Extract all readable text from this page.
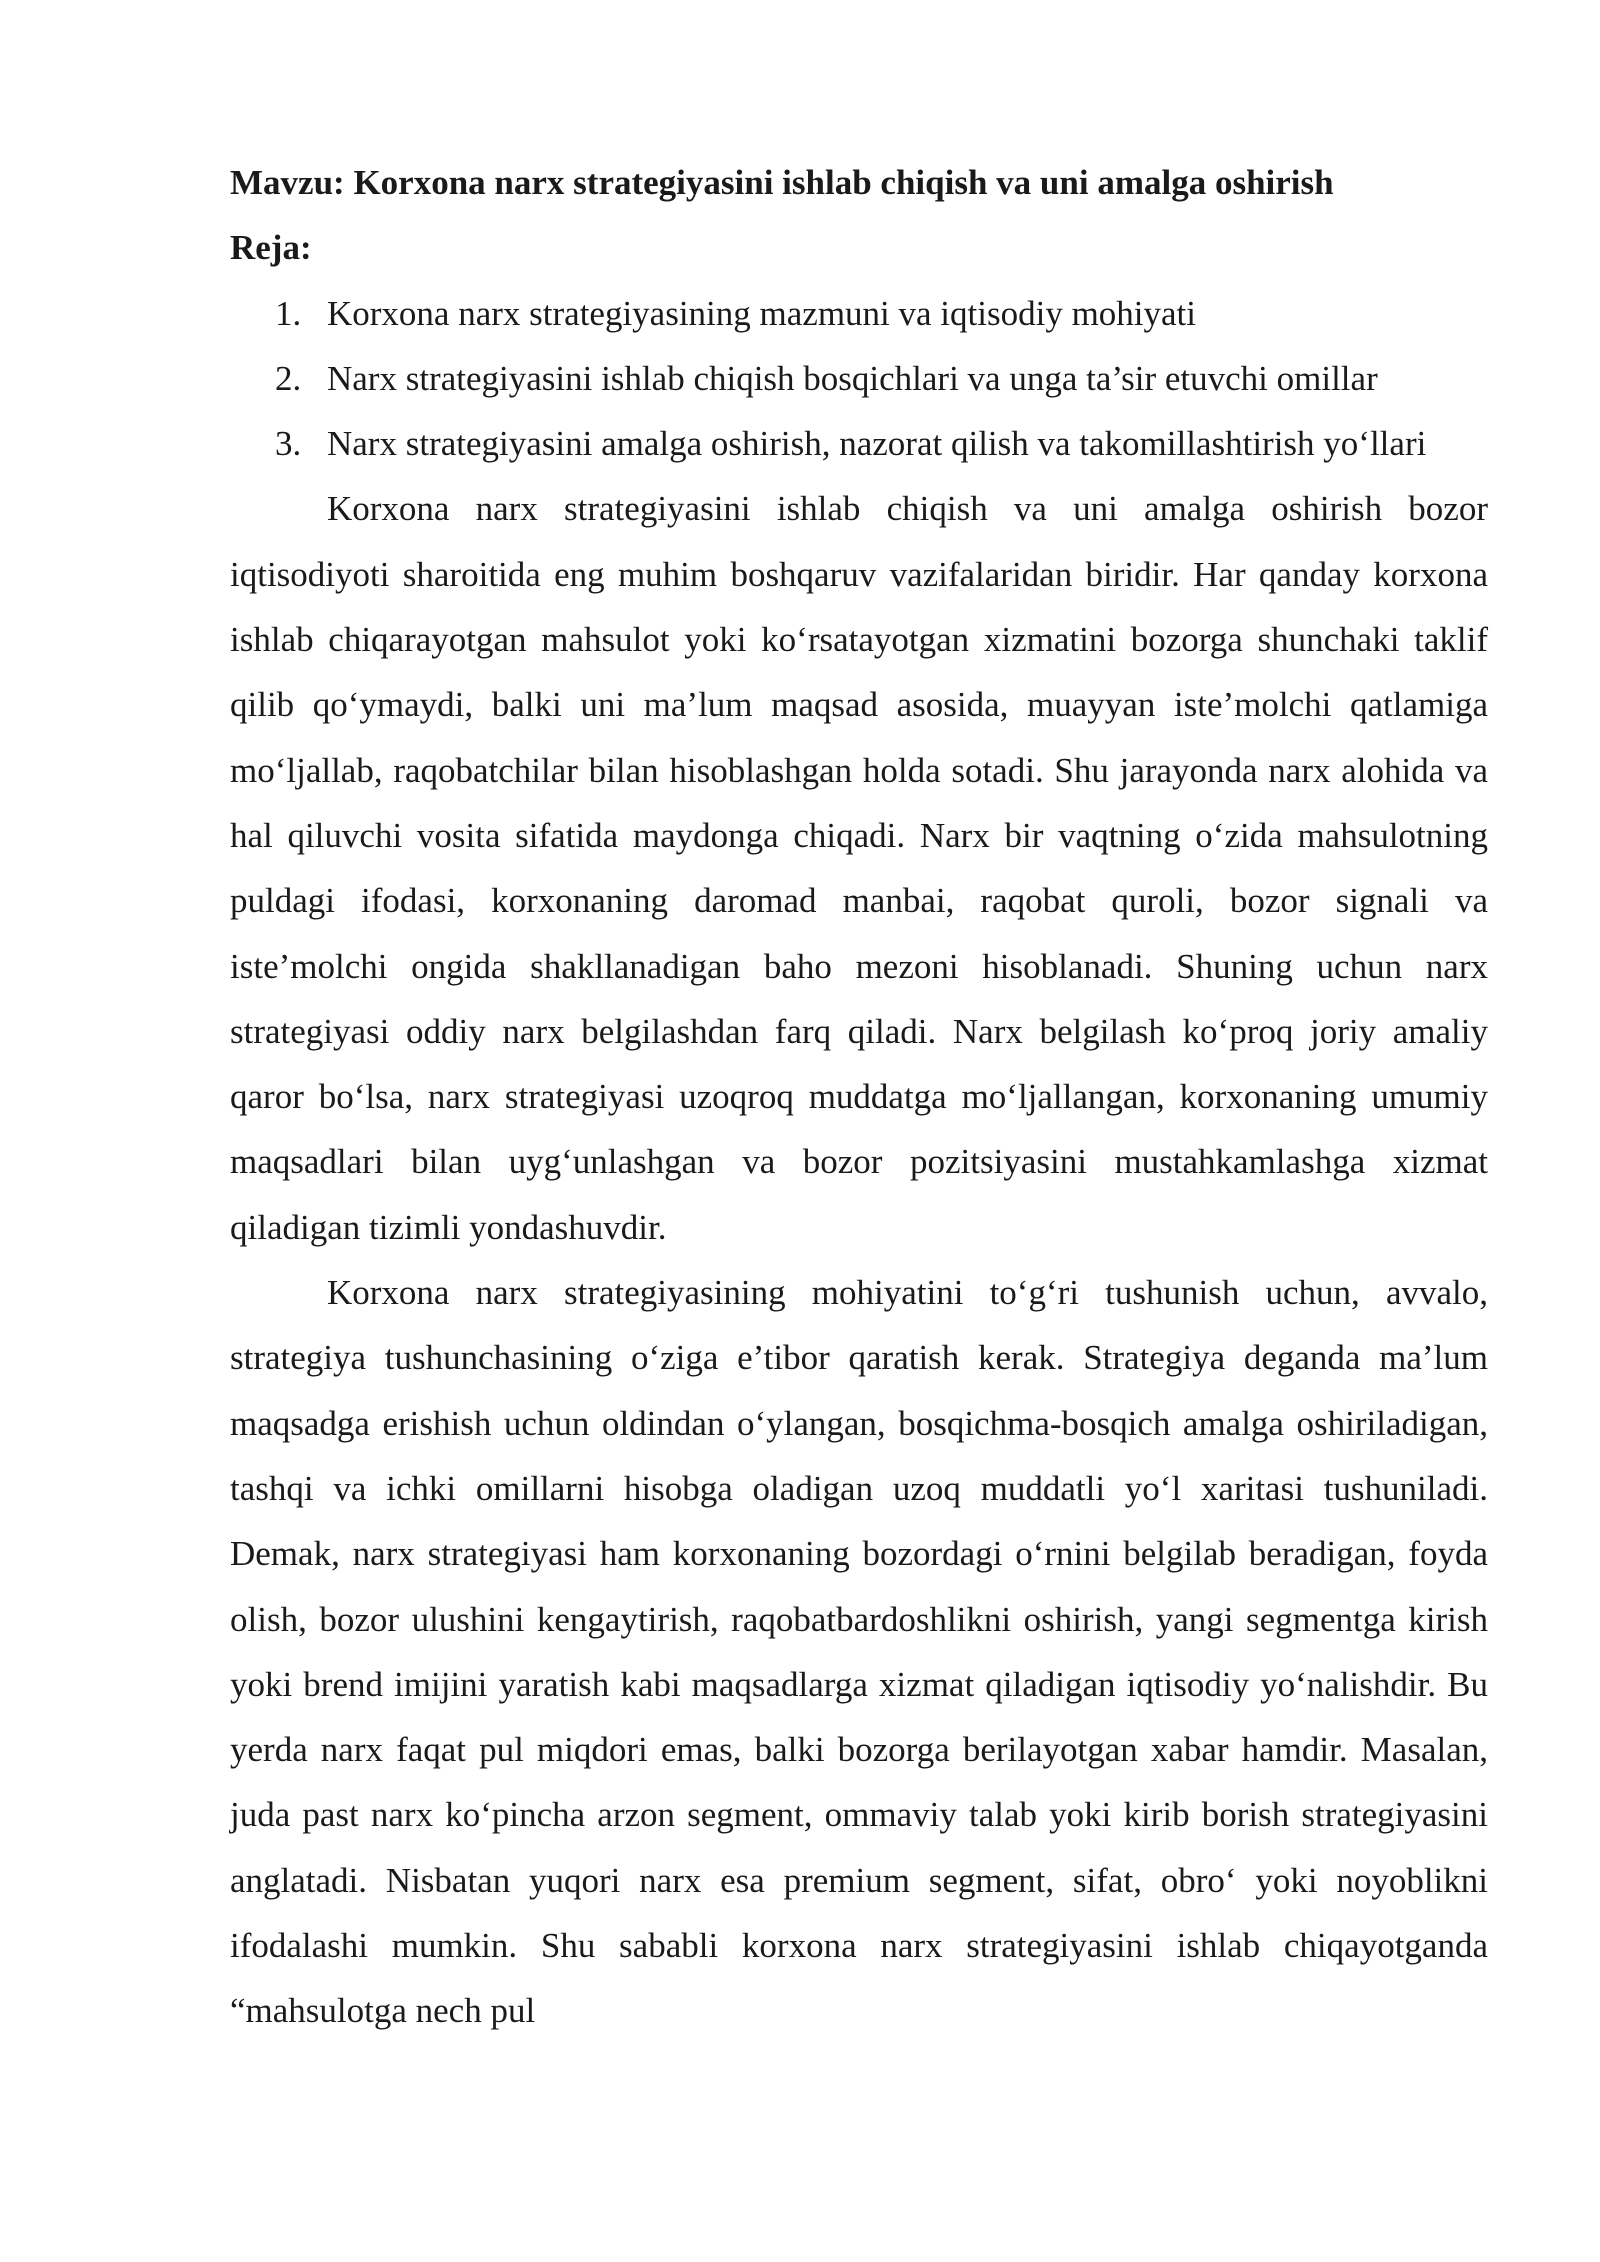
Mavzu: Korxona narx strategiyasini ishlab chiqish va uni amalga oshirish

Reja:

1. Korxona narx strategiyasining mazmuni va iqtisodiy mohiyati
2. Narx strategiyasini ishlab chiqish bosqichlari va unga ta’sir etuvchi omillar
3. Narx strategiyasini amalga oshirish, nazorat qilish va takomillashtirish yo‘llari

Korxona narx strategiyasini ishlab chiqish va uni amalga oshirish bozor iqtisodiyoti sharoitida eng muhim boshqaruv vazifalaridan biridir. Har qanday korxona ishlab chiqarayotgan mahsulot yoki ko‘rsatayotgan xizmatini bozorga shunchaki taklif qilib qo‘ymaydi, balki uni ma’lum maqsad asosida, muayyan iste’molchi qatlamiga mo‘ljallab, raqobatchilar bilan hisoblashgan holda sotadi. Shu jarayonda narx alohida va hal qiluvchi vosita sifatida maydonga chiqadi. Narx bir vaqtning o‘zida mahsulotning puldagi ifodasi, korxonaning daromad manbai, raqobat quroli, bozor signali va iste’molchi ongida shakllanadigan baho mezoni hisoblanadi. Shuning uchun narx strategiyasi oddiy narx belgilashdan farq qiladi. Narx belgilash ko‘proq joriy amaliy qaror bo‘lsa, narx strategiyasi uzoqroq muddatga mo‘ljallangan, korxonaning umumiy maqsadlari bilan uyg‘unlashgan va bozor pozitsiyasini mustahkamlashga xizmat qiladigan tizimli yondashuvdir.

Korxona narx strategiyasining mohiyatini to‘g‘ri tushunish uchun, avvalo, strategiya tushunchasining o‘ziga e’tibor qaratish kerak. Strategiya deganda ma’lum maqsadga erishish uchun oldindan o‘ylangan, bosqichma-bosqich amalga oshiriladigan, tashqi va ichki omillarni hisobga oladigan uzoq muddatli yo‘l xaritasi tushuniladi. Demak, narx strategiyasi ham korxonaning bozordagi o‘rnini belgilab beradigan, foyda olish, bozor ulushini kengaytirish, raqobatbardoshlikni oshirish, yangi segmentga kirish yoki brend imijini yaratish kabi maqsadlarga xizmat qiladigan iqtisodiy yo‘nalishdir. Bu yerda narx faqat pul miqdori emas, balki bozorga berilayotgan xabar hamdir. Masalan, juda past narx ko‘pincha arzon segment, ommaviy talab yoki kirib borish strategiyasini anglatadi. Nisbatan yuqori narx esa premium segment, sifat, obro‘ yoki noyoblikni ifodalashi mumkin. Shu sababli korxona narx strategiyasini ishlab chiqayotganda “mahsulotga nech pul
